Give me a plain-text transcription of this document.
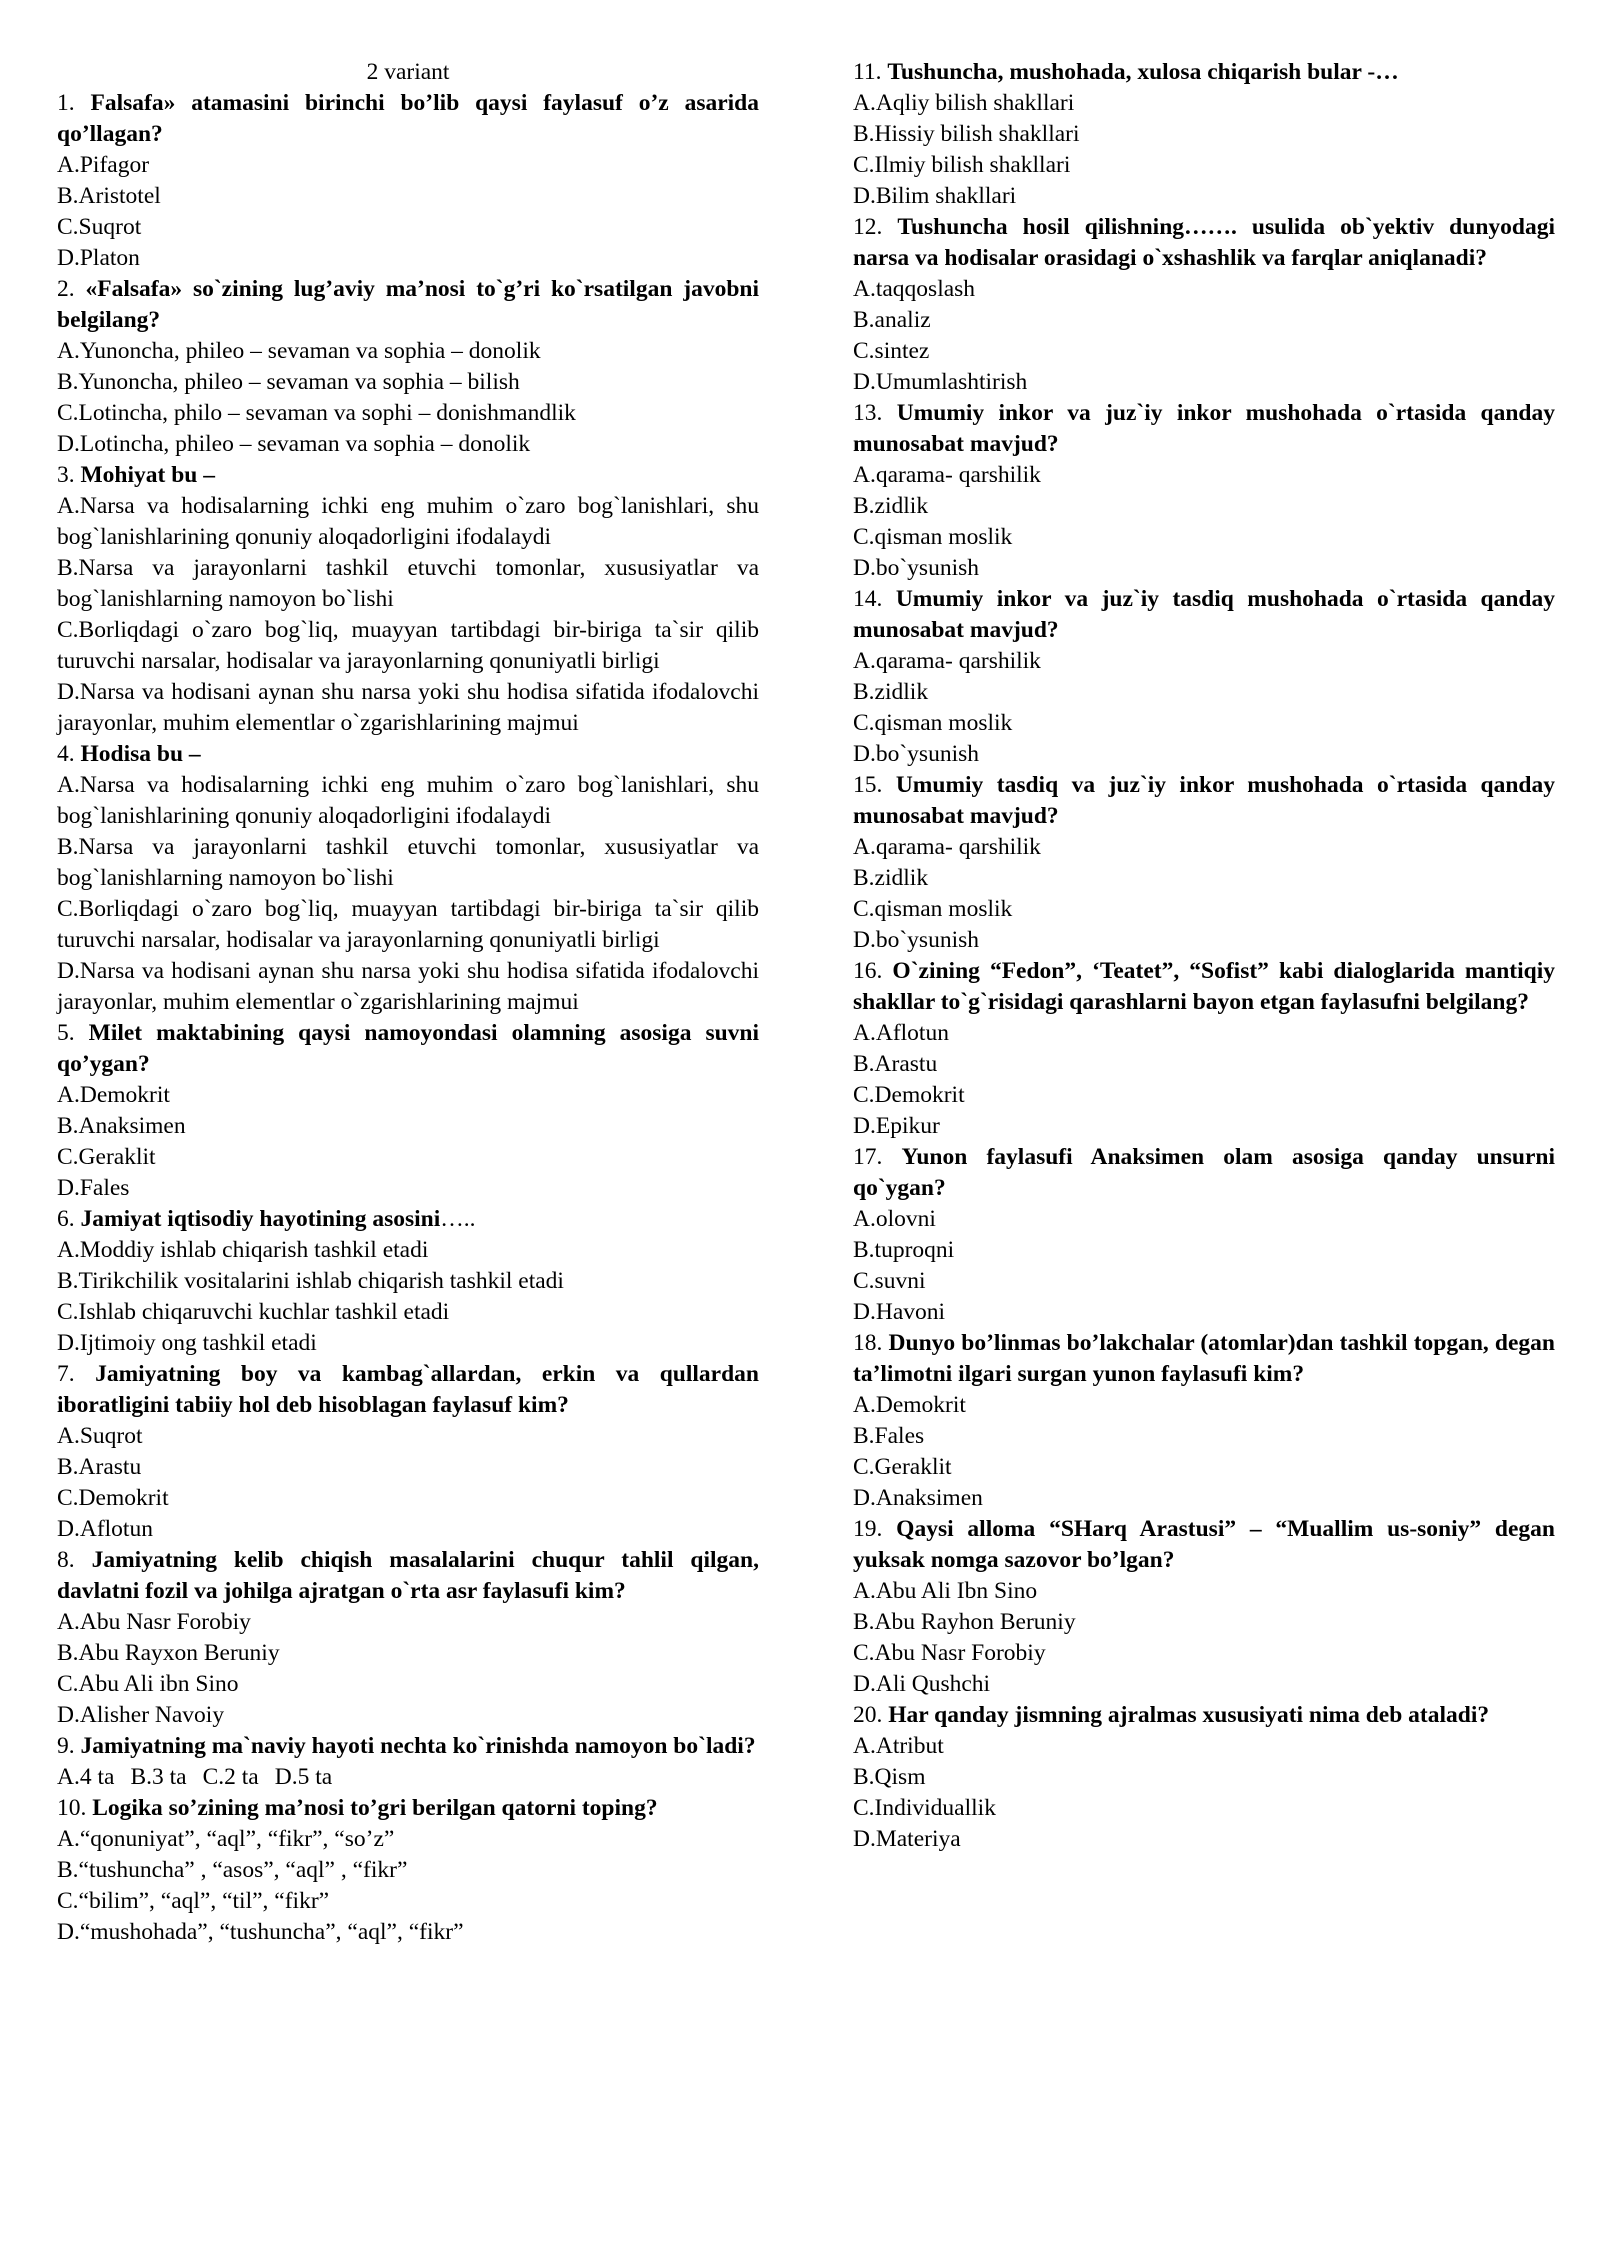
2 variant
1. Falsafa» atamasini birinchi bo’lib qaysi faylasuf o’z asarida qo’llagan?
A.Pifagor
B.Aristotel
C.Suqrot
D.Platon
2. «Falsafa» so`zining lug’aviy ma’nosi to`g’ri ko`rsatilgan javobni belgilang?
A.Yunoncha, phileo – sevaman va sophia – donolik
B.Yunoncha, phileo – sevaman va sophia – bilish
C.Lotincha, philo – sevaman va sophi – donishmandlik
D.Lotincha, phileo – sevaman va sophia – donolik
3. Mohiyat bu –
A.Narsa va hodisalarning ichki eng muhim o`zaro bog`lanishlari, shu bog`lanishlarining qonuniy aloqadorligini ifodalaydi
B.Narsa va jarayonlarni tashkil etuvchi tomonlar, xususiyatlar va bog`lanishlarning namoyon bo`lishi
C.Borliqdagi o`zaro bog`liq, muayyan tartibdagi bir-biriga ta`sir qilib turuvchi narsalar, hodisalar va jarayonlarning qonuniyatli birligi
D.Narsa va hodisani aynan shu narsa yoki shu hodisa sifatida ifodalovchi jarayonlar, muhim elementlar o`zgarishlarining majmui
4. Hodisa bu –
A.Narsa va hodisalarning ichki eng muhim o`zaro bog`lanishlari, shu bog`lanishlarining qonuniy aloqadorligini ifodalaydi
B.Narsa va jarayonlarni tashkil etuvchi tomonlar, xususiyatlar va bog`lanishlarning namoyon bo`lishi
C.Borliqdagi o`zaro bog`liq, muayyan tartibdagi bir-biriga ta`sir qilib turuvchi narsalar, hodisalar va jarayonlarning qonuniyatli birligi
D.Narsa va hodisani aynan shu narsa yoki shu hodisa sifatida ifodalovchi jarayonlar, muhim elementlar o`zgarishlarining majmui
5. Milet maktabining qaysi namoyondasi olamning asosiga suvni qo’ygan?
A.Demokrit
B.Anaksimen
C.Geraklit
D.Fales
6. Jamiyat iqtisodiy hayotining asosini…..
A.Moddiy ishlab chiqarish tashkil etadi
B.Tirikchilik vositalarini ishlab chiqarish tashkil etadi
C.Ishlab chiqaruvchi kuchlar tashkil etadi
D.Ijtimoiy ong tashkil etadi
7. Jamiyatning boy va kambag`allardan, erkin va qullardan iboratligini tabiiy hol deb hisoblagan faylasuf kim?
A.Suqrot
B.Arastu
C.Demokrit
D.Aflotun
8. Jamiyatning kelib chiqish masalalarini chuqur tahlil qilgan, davlatni fozil va johilga ajratgan o`rta asr faylasufi kim?
A.Abu Nasr Forobiy
B.Abu Rayxon Beruniy
C.Abu Ali ibn Sino
D.Alisher Navoiy
9. Jamiyatning ma`naviy hayoti nechta ko`rinishda namoyon bo`ladi?
A.4 ta B.3 ta C.2 ta D.5 ta
10. Logika so’zining ma’nosi to’gri berilgan qatorni toping?
A.“qonuniyat”, “aql”, “fikr”, “so’z”
B.“tushuncha” , “asos”, “aql” , “fikr”
C.“bilim”, “aql”, “til”, “fikr”
D.“mushohada”, “tushuncha”, “aql”, “fikr”
11. Tushuncha, mushohada, xulosa chiqarish bular -…
A.Aqliy bilish shakllari
B.Hissiy bilish shakllari
C.Ilmiy bilish shakllari
D.Bilim shakllari
12. Tushuncha hosil qilishning……. usulida ob`yektiv dunyodagi narsa va hodisalar orasidagi o`xshashlik va farqlar aniqlanadi?
A.taqqoslash
B.analiz
C.sintez
D.Umumlashtirish
13. Umumiy inkor va juz`iy inkor mushohada o`rtasida qanday munosabat mavjud?
A.qarama- qarshilik
B.zidlik
C.qisman moslik
D.bo`ysunish
14. Umumiy inkor va juz`iy tasdiq mushohada o`rtasida qanday munosabat mavjud?
A.qarama- qarshilik
B.zidlik
C.qisman moslik
D.bo`ysunish
15. Umumiy tasdiq va juz`iy inkor mushohada o`rtasida qanday munosabat mavjud?
A.qarama- qarshilik
B.zidlik
C.qisman moslik
D.bo`ysunish
16. O`zining “Fedon”, ‘Teatet”, “Sofist” kabi dialoglarida mantiqiy shakllar to`g`risidagi qarashlarni bayon etgan faylasufni belgilang?
A.Aflotun
B.Arastu
C.Demokrit
D.Epikur
17. Yunon faylasufi Anaksimen olam asosiga qanday unsurni qo`ygan?
A.olovni
B.tuproqni
C.suvni
D.Havoni
18. Dunyo bo’linmas bo’lakchalar (atomlar)dan tashkil topgan, degan ta’limotni ilgari surgan yunon faylasufi kim?
A.Demokrit
B.Fales
C.Geraklit
D.Anaksimen
19. Qaysi alloma “SHarq Arastusi” – “Muallim us-soniy” degan yuksak nomga sazovor bo’lgan?
A.Abu Ali Ibn Sino
B.Abu Rayhon Beruniy
C.Abu Nasr Forobiy
D.Ali Qushchi
20. Har qanday jismning ajralmas xususiyati nima deb ataladi?
A.Atribut
B.Qism
C.Individuallik
D.Materiya
